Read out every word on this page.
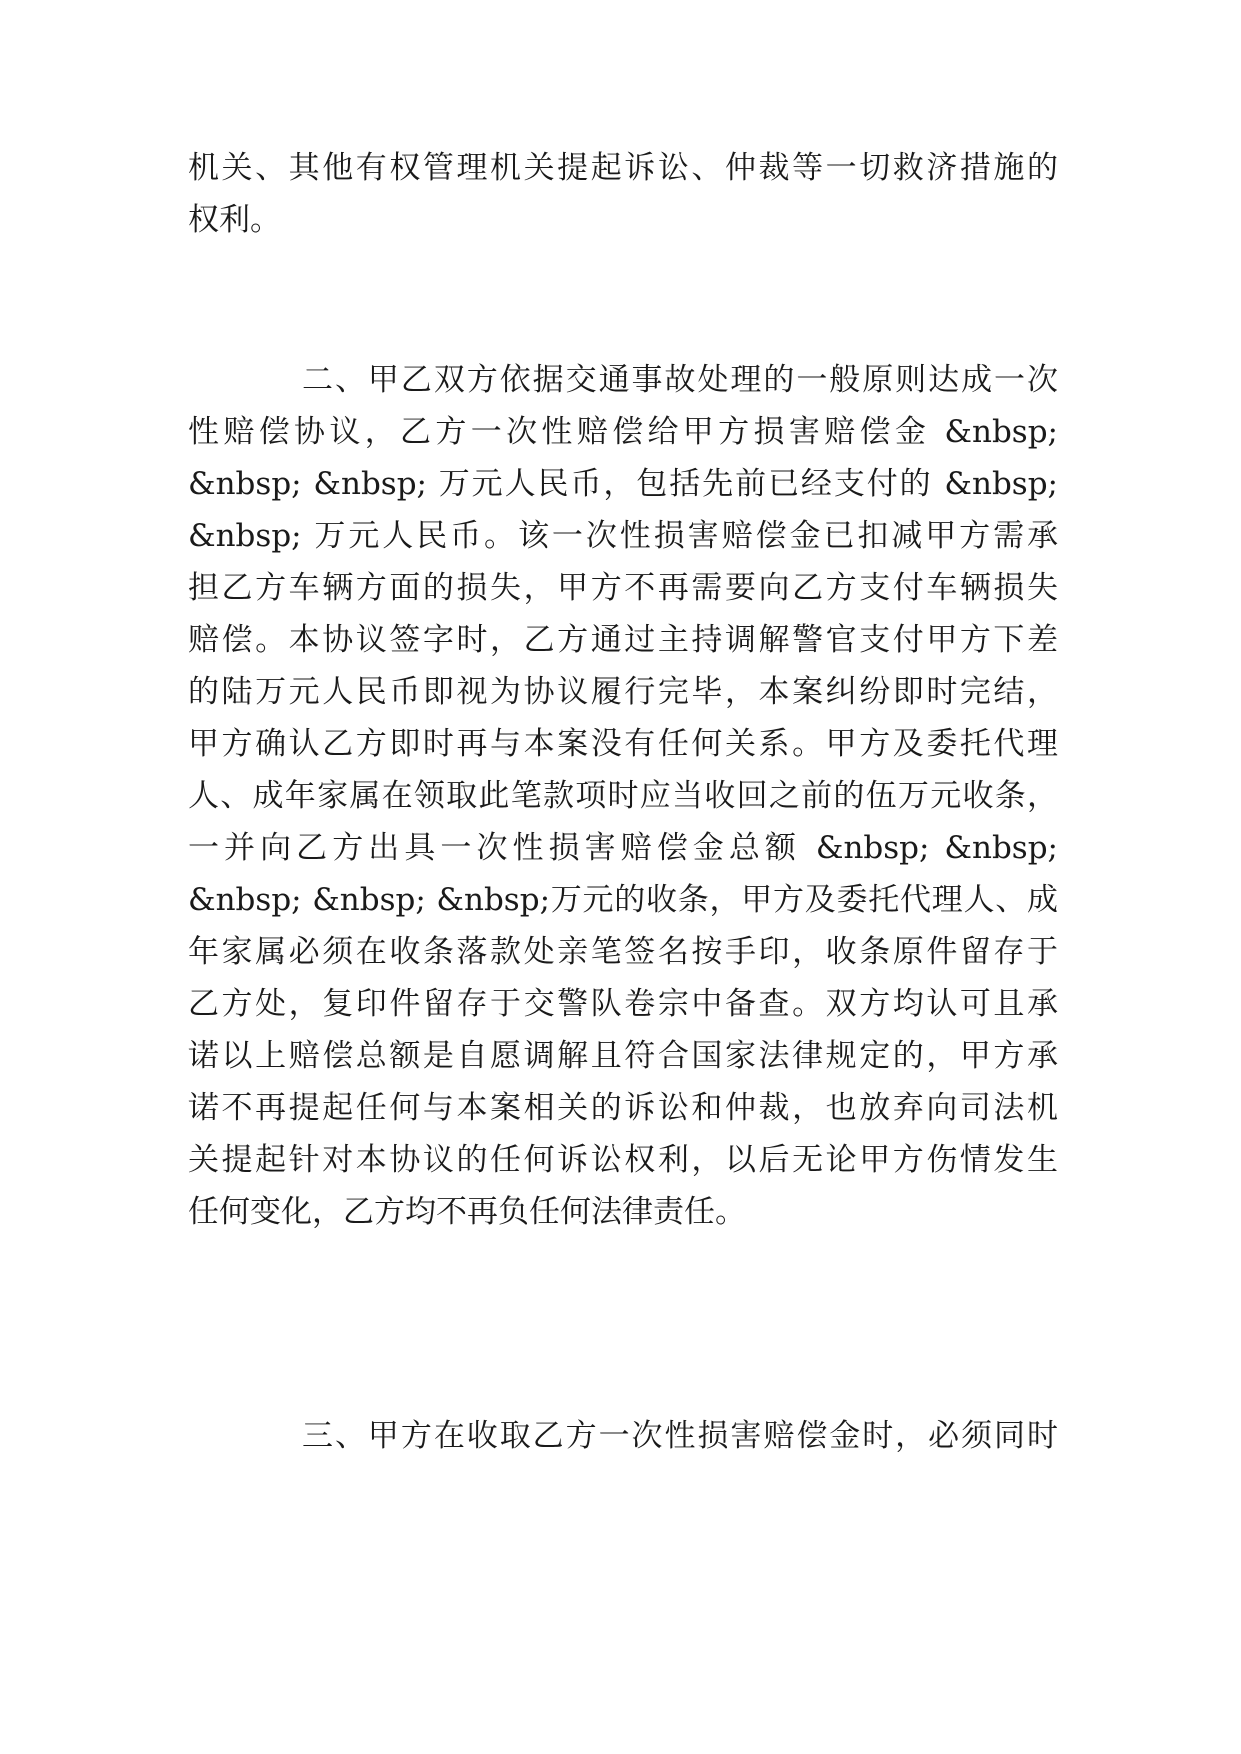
机关、其他有权管理机关提起诉讼、仲裁等一切救济措施的
权利。
二、甲乙双方依据交通事故处理的一般原则达成一次
性赔偿协议，乙方一次性赔偿给甲方损害赔偿金 &nbsp;
&nbsp; &nbsp; 万元人民币，包括先前已经支付的 &nbsp;
&nbsp; 万元人民币。该一次性损害赔偿金已扣减甲方需承
担乙方车辆方面的损失，甲方不再需要向乙方支付车辆损失
赔偿。本协议签字时，乙方通过主持调解警官支付甲方下差
的陆万元人民币即视为协议履行完毕，本案纠纷即时完结，
甲方确认乙方即时再与本案没有任何关系。甲方及委托代理
人、成年家属在领取此笔款项时应当收回之前的伍万元收条，
一并向乙方出具一次性损害赔偿金总额 &nbsp; &nbsp;
&nbsp; &nbsp; &nbsp;万元的收条，甲方及委托代理人、成
年家属必须在收条落款处亲笔签名按手印，收条原件留存于
乙方处，复印件留存于交警队卷宗中备查。双方均认可且承
诺以上赔偿总额是自愿调解且符合国家法律规定的，甲方承
诺不再提起任何与本案相关的诉讼和仲裁，也放弃向司法机
关提起针对本协议的任何诉讼权利，以后无论甲方伤情发生
任何变化，乙方均不再负任何法律责任。
三、甲方在收取乙方一次性损害赔偿金时，必须同时
